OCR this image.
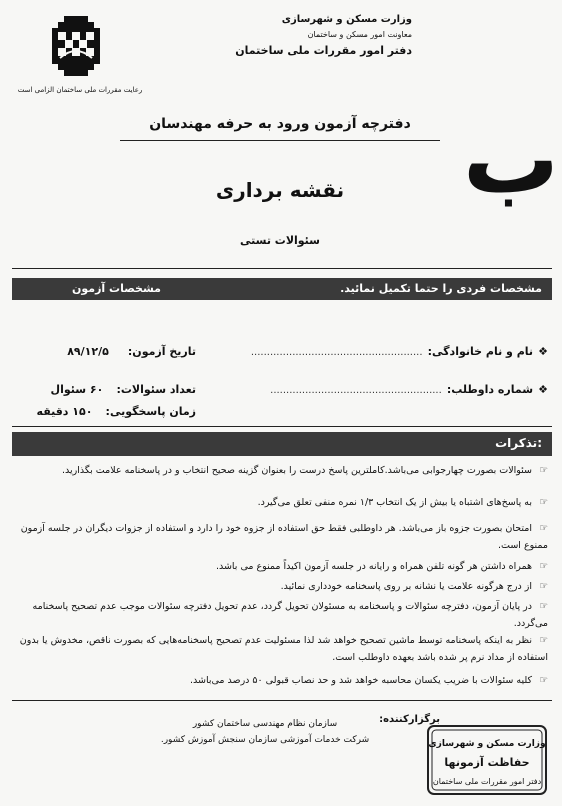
وزارت مسکن و شهرسازی
معاونت امور مسکن و ساختمان
دفتر امور مقررات ملی ساختمان
رعایت مقررات ملی ساختمان الزامی است
ب
دفترچه آزمون ورود به حرفه مهندسان
نقشه برداری
سئوالات تستی
مشخصات فردی را حتما تکمیل نمائید.
مشخصات آزمون
❖ نام و نام خانوادگی: ......................................................
❖ شماره داوطلب: ......................................................
تاریخ آزمون: ۸۹/۱۲/۵
تعداد سئوالات: ۶۰ سئوال
زمان پاسخگویی: ۱۵۰ دقیقه
تذکرات:
☞سئوالات بصورت چهارجوابی می‌باشد.کاملترین پاسخ درست را بعنوان گزینه صحیح انتخاب و در پاسخنامه علامت بگذارید.
☞به پاسخ‌های اشتباه یا بیش از یک انتخاب ۱/۳ نمره منفی تعلق می‌گیرد.
☞امتحان بصورت جزوه باز می‌باشد. هر داوطلبی فقط حق استفاده از جزوه خود را دارد و استفاده از جزوات دیگران در جلسه آزمون ممنوع است.
☞همراه داشتن هر گونه تلفن همراه و رایانه در جلسه آزمون اکیداً ممنوع می باشد.
☞از درج هرگونه علامت یا نشانه بر روی پاسخنامه خودداری نمائید.
☞در پایان آزمون، دفترچه سئوالات و پاسخنامه به مسئولان تحویل گردد، عدم تحویل دفترچه سئوالات موجب عدم تصحیح پاسخنامه می‌گردد.
☞نظر به اینکه پاسخنامه توسط ماشین تصحیح خواهد شد لذا مسئولیت عدم تصحیح پاسخنامه‌هایی که بصورت ناقص، مخدوش یا بدون استفاده از مداد نرم پر شده باشد بعهده داوطلب است.
☞کلیه سئوالات با ضریب یکسان محاسبه خواهد شد و حد نصاب قبولی ۵۰ درصد می‌باشد.
برگزارکننده:
سازمان نظام مهندسی ساختمان کشور
شرکت خدمات آموزشی سازمان سنجش آموزش کشور.	وزارت مسکن و شهرسازی
حفاظت آزمونها
دفتر امور مقررات ملی ساختمان
